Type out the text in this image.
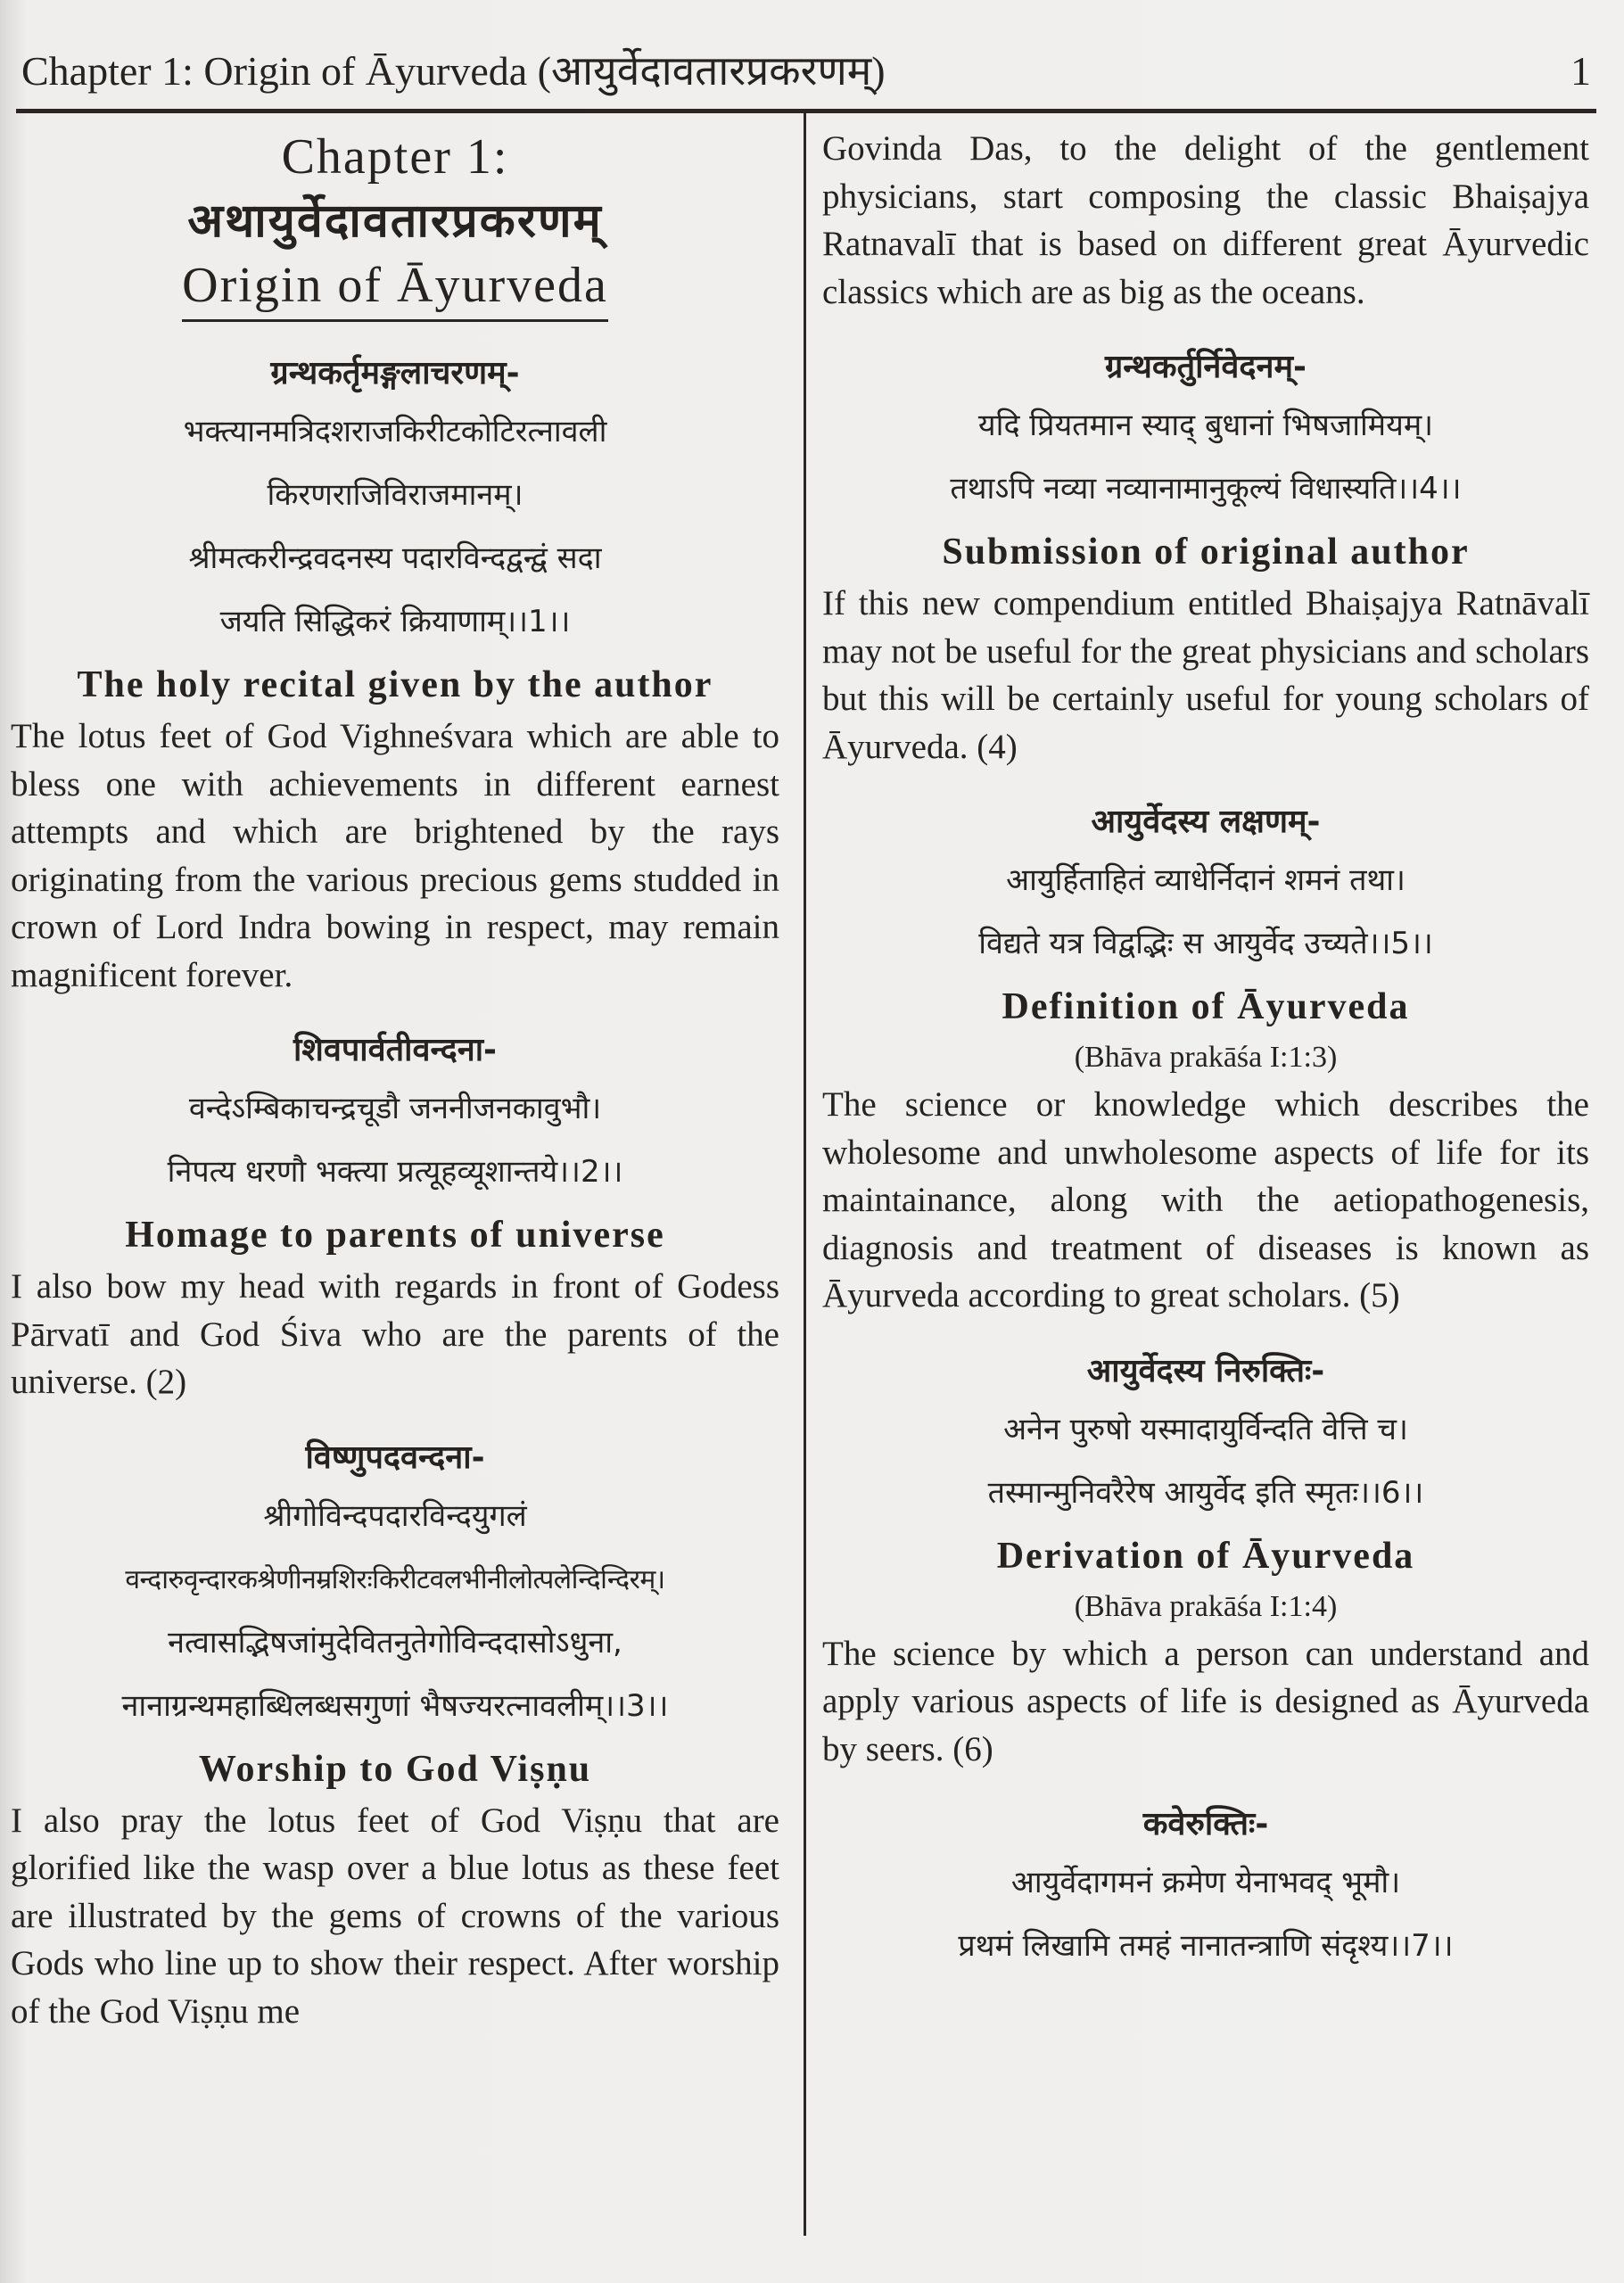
Chapter 1: Origin of Āyurveda (आयुर्वेदावतारप्रकरणम्)	1
Chapter 1:
अथायुर्वेदावतारप्रकरणम्
Origin of Āyurveda
ग्रन्थकर्तृमङ्गलाचरणम्-
भक्त्यानमत्रिदशराजकिरीटकोटिरत्नावली
किरणराजिविराजमानम्।
श्रीमत्करीन्द्रवदनस्य पदारविन्दद्वन्द्वं सदा
जयति सिद्धिकरं क्रियाणाम्।।1।।
The holy recital given by the author

The lotus feet of God Vighneśvara which are able to bless one with achievements in different earnest attempts and which are brightened by the rays originating from the various precious gems studded in crown of Lord Indra bowing in respect, may remain magnificent forever.

शिवपार्वतीवन्दना-
वन्देऽम्बिकाचन्द्रचूडौ जननीजनकावुभौ।
निपत्य धरणौ भक्त्या प्रत्यूहव्यूशान्तये।।2।।
Homage to parents of universe

I also bow my head with regards in front of Godess Pārvatī and God Śiva who are the parents of the universe. (2)

विष्णुपदवन्दना-
श्रीगोविन्दपदारविन्दयुगलं
वन्दारुवृन्दारकश्रेणीनम्रशिरःकिरीटवलभीनीलोत्पलेन्दिन्दिरम्।
नत्वासद्भिषजांमुदेवितनुतेगोविन्ददासोऽधुना,
नानाग्रन्थमहाब्धिलब्धसगुणां भैषज्यरत्नावलीम्।।3।।
Worship to God Viṣṇu

I also pray the lotus feet of God Viṣṇu that are glorified like the wasp over a blue lotus as these feet are illustrated by the gems of crowns of the various Gods who line up to show their respect. After worship of the God Viṣṇu me

Govinda Das, to the delight of the gentlement physicians, start composing the classic Bhaiṣajya Ratnavalī that is based on different great Āyurvedic classics which are as big as the oceans.

ग्रन्थकर्तुर्निवेदनम्-
यदि प्रियतमान स्याद् बुधानां भिषजामियम्।
तथाऽपि नव्या नव्यानामानुकूल्यं विधास्यति।।4।।
Submission of original author

If this new compendium entitled Bhaiṣajya Ratnāvalī may not be useful for the great physicians and scholars but this will be certainly useful for young scholars of Āyurveda. (4)

आयुर्वेदस्य लक्षणम्-
आयुर्हिताहितं व्याधेर्निदानं शमनं तथा।
विद्यते यत्र विद्वद्भिः स आयुर्वेद उच्यते।।5।।
Definition of Āyurveda
(Bhāva prakāśa I:1:3)

The science or knowledge which describes the wholesome and unwholesome aspects of life for its maintainance, along with the aetiopathogenesis, diagnosis and treatment of diseases is known as Āyurveda according to great scholars. (5)

आयुर्वेदस्य निरुक्तिः-
अनेन पुरुषो यस्मादायुर्विन्दति वेत्ति च।
तस्मान्मुनिवरैरेष आयुर्वेद इति स्मृतः।।6।।
Derivation of Āyurveda
(Bhāva prakāśa I:1:4)

The science by which a person can understand and apply various aspects of life is designed as Āyurveda by seers. (6)

कवेरुक्तिः-
आयुर्वेदागमनं क्रमेण येनाभवद् भूमौ।
प्रथमं लिखामि तमहं नानातन्त्राणि संदृश्य।।7।।
